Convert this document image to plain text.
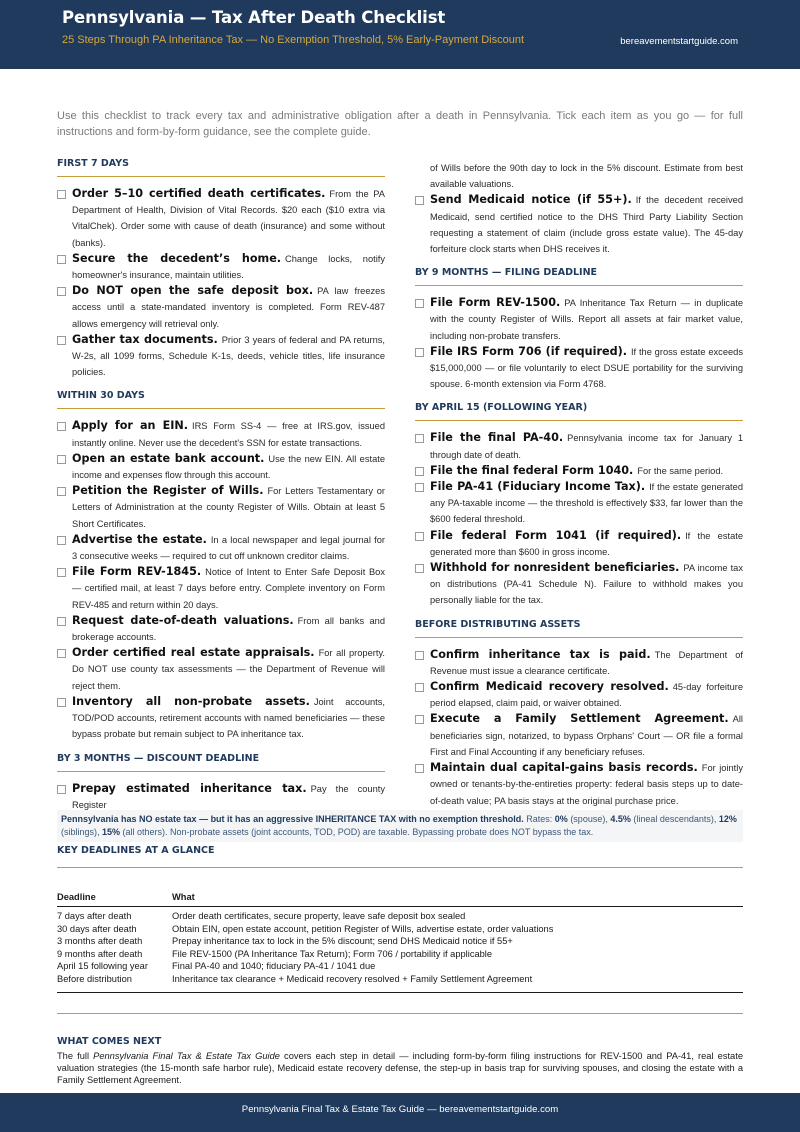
Pennsylvania — Tax After Death Checklist
25 Steps Through PA Inheritance Tax — No Exemption Threshold, 5% Early-Payment Discount	bereavementstartguide.com
Use this checklist to track every tax and administrative obligation after a death in Pennsylvania. Tick each item as you go — for full instructions and form-by-form guidance, see the complete guide.
FIRST 7 DAYS
Order 5–10 certified death certificates. From the PA Department of Health, Division of Vital Records. $20 each ($10 extra via VitalChek). Order some with cause of death (insurance) and some without (banks).
Secure the decedent’s home. Change locks, notify homeowner's insurance, maintain utilities.
Do NOT open the safe deposit box. PA law freezes access until a state-mandated inventory is completed. Form REV-487 allows emergency will retrieval only.
Gather tax documents. Prior 3 years of federal and PA returns, W-2s, all 1099 forms, Schedule K-1s, deeds, vehicle titles, life insurance policies.
WITHIN 30 DAYS
Apply for an EIN. IRS Form SS-4 — free at IRS.gov, issued instantly online. Never use the decedent's SSN for estate transactions.
Open an estate bank account. Use the new EIN. All estate income and expenses flow through this account.
Petition the Register of Wills. For Letters Testamentary or Letters of Administration at the county Register of Wills. Obtain at least 5 Short Certificates.
Advertise the estate. In a local newspaper and legal journal for 3 consecutive weeks — required to cut off unknown creditor claims.
File Form REV-1845. Notice of Intent to Enter Safe Deposit Box — certified mail, at least 7 days before entry. Complete inventory on Form REV-485 and return within 20 days.
Request date-of-death valuations. From all banks and brokerage accounts.
Order certified real estate appraisals. For all property. Do NOT use county tax assessments — the Department of Revenue will reject them.
Inventory all non-probate assets. Joint accounts, TOD/POD accounts, retirement accounts with named beneficiaries — these bypass probate but remain subject to PA inheritance tax.
BY 3 MONTHS — DISCOUNT DEADLINE
Prepay estimated inheritance tax. Pay the county Register
of Wills before the 90th day to lock in the 5% discount. Estimate from best available valuations.
Send Medicaid notice (if 55+). If the decedent received Medicaid, send certified notice to the DHS Third Party Liability Section requesting a statement of claim (include gross estate value). The 45-day forfeiture clock starts when DHS receives it.
BY 9 MONTHS — FILING DEADLINE
File Form REV-1500. PA Inheritance Tax Return — in duplicate with the county Register of Wills. Report all assets at fair market value, including non-probate transfers.
File IRS Form 706 (if required). If the gross estate exceeds $15,000,000 — or file voluntarily to elect DSUE portability for the surviving spouse. 6-month extension via Form 4768.
BY APRIL 15 (FOLLOWING YEAR)
File the final PA-40. Pennsylvania income tax for January 1 through date of death.
File the final federal Form 1040. For the same period.
File PA-41 (Fiduciary Income Tax). If the estate generated any PA-taxable income — the threshold is effectively $33, far lower than the $600 federal threshold.
File federal Form 1041 (if required). If the estate generated more than $600 in gross income.
Withhold for nonresident beneficiaries. PA income tax on distributions (PA-41 Schedule N). Failure to withhold makes you personally liable for the tax.
BEFORE DISTRIBUTING ASSETS
Confirm inheritance tax is paid. The Department of Revenue must issue a clearance certificate.
Confirm Medicaid recovery resolved. 45-day forfeiture period elapsed, claim paid, or waiver obtained.
Execute a Family Settlement Agreement. All beneficiaries sign, notarized, to bypass Orphans' Court — OR file a formal First and Final Accounting if any beneficiary refuses.
Maintain dual capital-gains basis records. For jointly owned or tenants-by-the-entireties property: federal basis steps up to date-of-death value; PA basis stays at the original purchase price.
Pennsylvania has NO estate tax — but it has an aggressive INHERITANCE TAX with no exemption threshold. Rates: 0% (spouse), 4.5% (lineal descendants), 12% (siblings), 15% (all others). Non-probate assets (joint accounts, TOD, POD) are taxable. Bypassing probate does NOT bypass the tax.
KEY DEADLINES AT A GLANCE
Deadline	What
7 days after death	Order death certificates, secure property, leave safe deposit box sealed
30 days after death	Obtain EIN, open estate account, petition Register of Wills, advertise estate, order valuations
3 months after death	Prepay inheritance tax to lock in the 5% discount; send DHS Medicaid notice if 55+
9 months after death	File REV-1500 (PA Inheritance Tax Return); Form 706 / portability if applicable
April 15 following year	Final PA-40 and 1040; fiduciary PA-41 / 1041 due
Before distribution	Inheritance tax clearance + Medicaid recovery resolved + Family Settlement Agreement
WHAT COMES NEXT
The full Pennsylvania Final Tax & Estate Tax Guide covers each step in detail — including form-by-form filing instructions for REV-1500 and PA-41, real estate valuation strategies (the 15-month safe harbor rule), Medicaid estate recovery defense, the step-up in basis trap for surviving spouses, and closing the estate with a Family Settlement Agreement.
Pennsylvania Final Tax & Estate Tax Guide — bereavementstartguide.com
